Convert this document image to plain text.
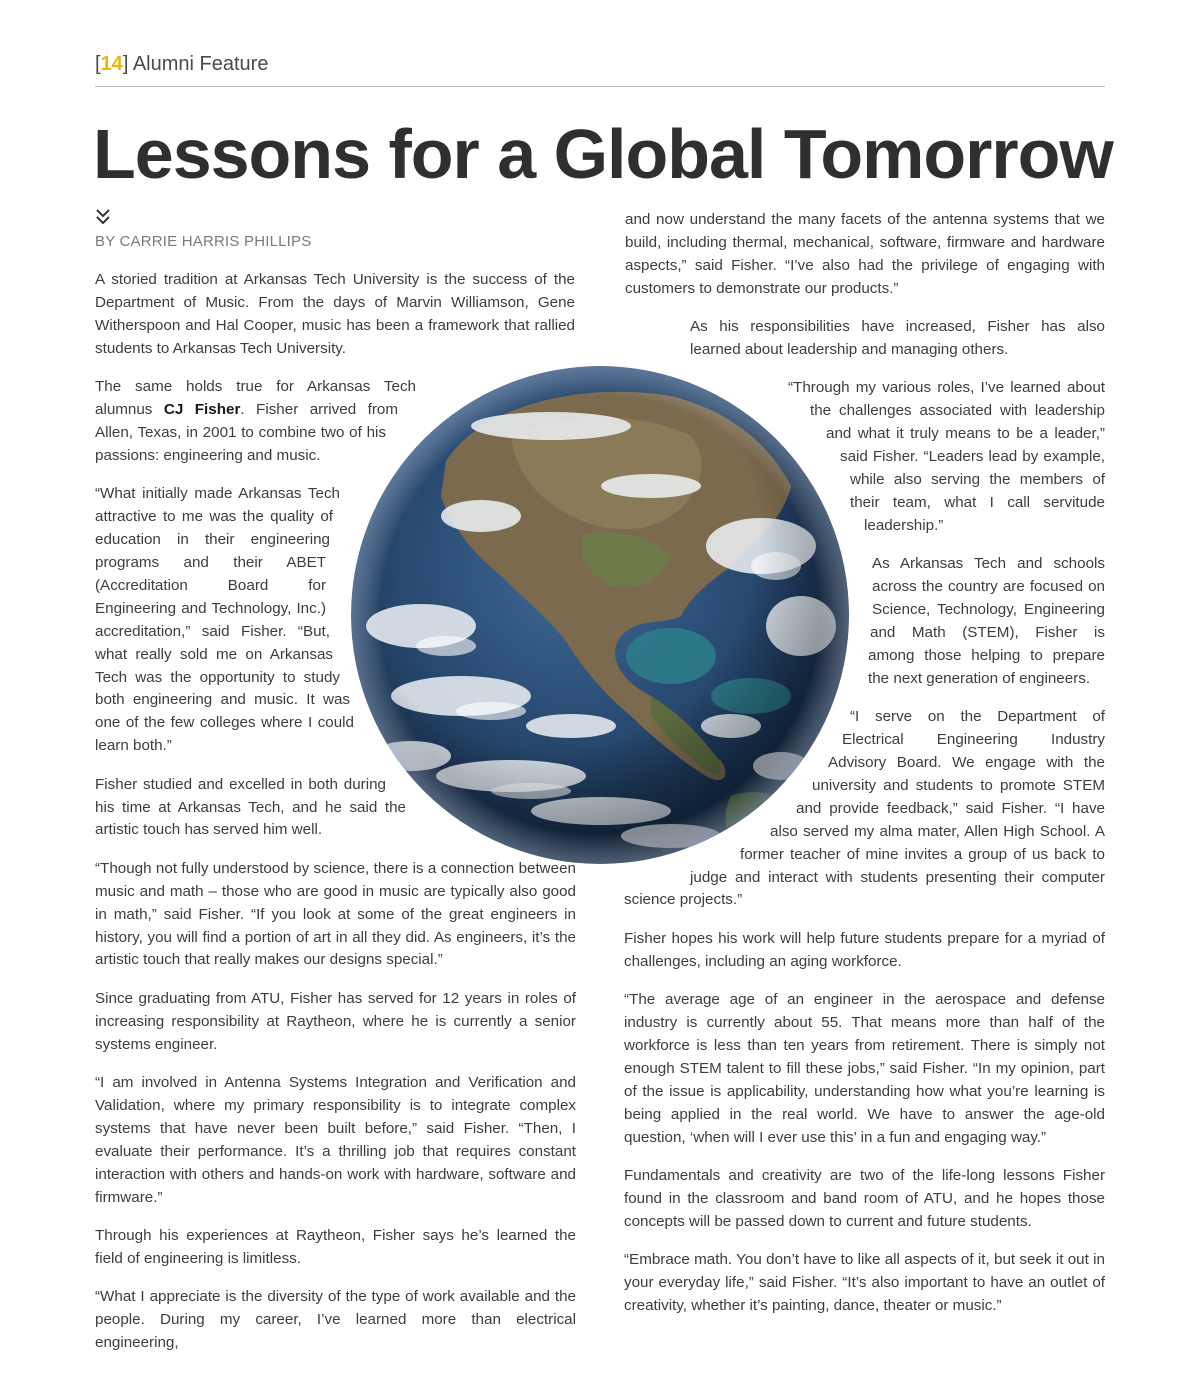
[14] Alumni Feature
Lessons for a Global Tomorrow
BY CARRIE HARRIS PHILLIPS

A storied tradition at Arkansas Tech University is the success of the Department of Music. From the days of Marvin Williamson, Gene Witherspoon and Hal Cooper, music has been a framework that rallied students to Arkansas Tech University.

The same holds true for Arkansas Tech alumnus CJ Fisher. Fisher arrived from Allen, Texas, in 2001 to combine two of his passions: engineering and music.

“What initially made Arkansas Tech attractive to me was the quality of education in their engineering programs and their ABET (Accreditation Board for Engineering and Technology, Inc.) accreditation,” said Fisher. “But, what really sold me on Arkansas Tech was the opportunity to study both engineering and music. It was one of the few colleges where I could learn both.”

Fisher studied and excelled in both during his time at Arkansas Tech, and he said the artistic touch has served him well.

“Though not fully understood by science, there is a connection between music and math – those who are good in music are typically also good in math,” said Fisher. “If you look at some of the great engineers in history, you will find a portion of art in all they did. As engineers, it’s the artistic touch that really makes our designs special.”

Since graduating from ATU, Fisher has served for 12 years in roles of increasing responsibility at Raytheon, where he is currently a senior systems engineer.

“I am involved in Antenna Systems Integration and Verification and Validation, where my primary responsibility is to integrate complex systems that have never been built before,” said Fisher. “Then, I evaluate their performance. It’s a thrilling job that requires constant interaction with others and hands-on work with hardware, software and firmware.”

Through his experiences at Raytheon, Fisher says he’s learned the field of engineering is limitless.

“What I appreciate is the diversity of the type of work available and the people. During my career, I’ve learned more than electrical engineering,

and now understand the many facets of the antenna systems that we build, including thermal, mechanical, software, firmware and hardware aspects,” said Fisher. “I’ve also had the privilege of engaging with customers to demonstrate our products.”

As his responsibilities have increased, Fisher has also learned about leadership and managing others.

“Through my various roles, I’ve learned about the challenges associated with leadership and what it truly means to be a leader,” said Fisher. “Leaders lead by example, while also serving the members of their team, what I call servitude leadership.”

As Arkansas Tech and schools across the country are focused on Science, Technology, Engineering and Math (STEM), Fisher is among those helping to prepare the next generation of engineers.

“I serve on the Department of Electrical Engineering Industry Advisory Board. We engage with the university and students to promote STEM and provide feedback,” said Fisher. “I have also served my alma mater, Allen High School. A former teacher of mine invites a group of us back to judge and interact with students presenting their computer science projects.”

Fisher hopes his work will help future students prepare for a myriad of challenges, including an aging workforce.

“The average age of an engineer in the aerospace and defense industry is currently about 55. That means more than half of the workforce is less than ten years from retirement. There is simply not enough STEM talent to fill these jobs,” said Fisher. “In my opinion, part of the issue is applicability, understanding how what you’re learning is being applied in the real world. We have to answer the age-old question, ‘when will I ever use this’ in a fun and engaging way.”

Fundamentals and creativity are two of the life-long lessons Fisher found in the classroom and band room of ATU, and he hopes those concepts will be passed down to current and future students.

“Embrace math. You don’t have to like all aspects of it, but seek it out in your everyday life,” said Fisher. “It’s also important to have an outlet of creativity, whether it’s painting, dance, theater or music.”
